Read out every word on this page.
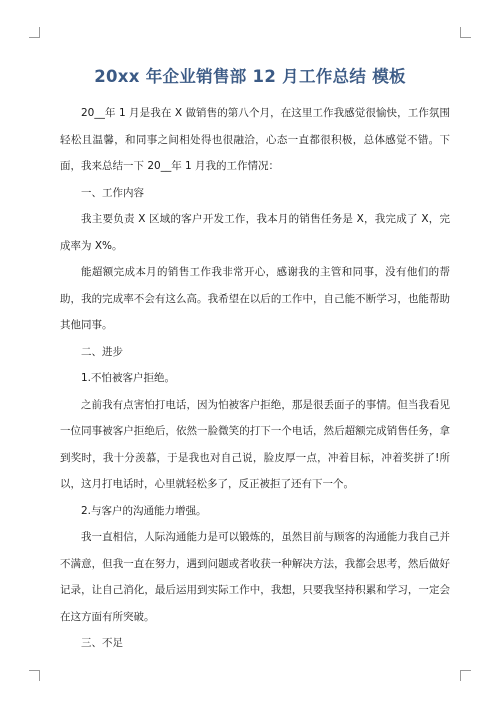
20xx 年企业销售部 12 月工作总结 模板

20__年 1 月是我在 X 做销售的第八个月，在这里工作我感觉很愉快，工作氛围轻松且温馨，和同事之间相处得也很融洽，心态一直都很积极，总体感觉不错。下面，我来总结一下 20__年 1 月我的工作情况：

一、工作内容

我主要负责 X 区域的客户开发工作，我本月的销售任务是 X，我完成了 X，完成率为 X%。

能超额完成本月的销售工作我非常开心，感谢我的主管和同事，没有他们的帮助，我的完成率不会有这么高。我希望在以后的工作中，自己能不断学习，也能帮助其他同事。

二、进步

1.不怕被客户拒绝。

之前我有点害怕打电话，因为怕被客户拒绝，那是很丢面子的事情。但当我看见一位同事被客户拒绝后，依然一脸微笑的打下一个电话，然后超额完成销售任务，拿到奖时，我十分羡慕，于是我也对自己说，脸皮厚一点，冲着目标，冲着奖拼了!所以，这月打电话时，心里就轻松多了，反正被拒了还有下一个。

2.与客户的沟通能力增强。

我一直相信，人际沟通能力是可以锻炼的，虽然目前与顾客的沟通能力我自己并不满意，但我一直在努力，遇到问题或者收获一种解决方法，我都会思考，然后做好记录，让自己消化，最后运用到实际工作中，我想，只要我坚持积累和学习，一定会在这方面有所突破。

三、不足
